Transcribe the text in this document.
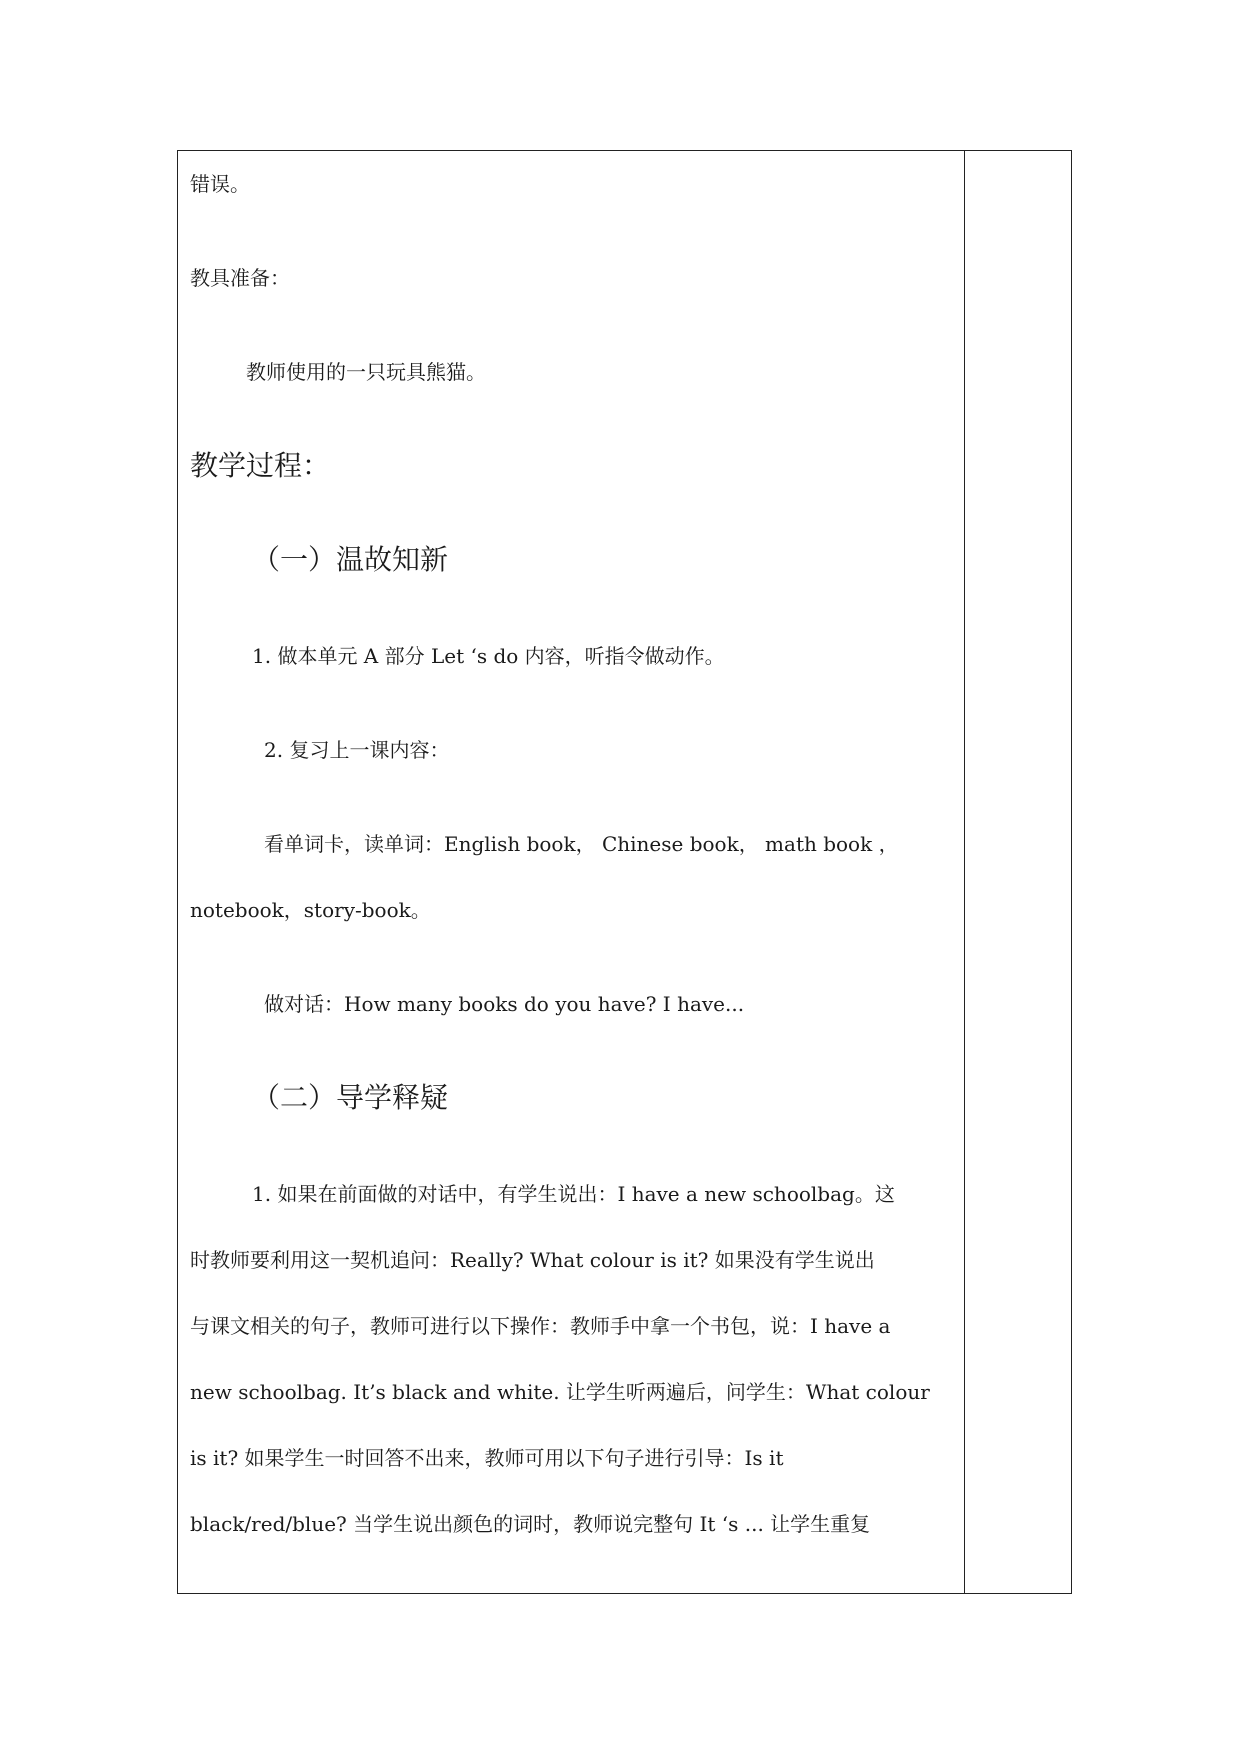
错误。
教具准备：
教师使用的一只玩具熊猫。
教学过程：
（一）温故知新
1. 做本单元 A 部分 Let ‘s do 内容，听指令做动作。
2. 复习上一课内容：
看单词卡，读单词：English book， Chinese book， math book ，
notebook，story-book。
做对话：How many books do you have? I have...
（二）导学释疑
1. 如果在前面做的对话中，有学生说出：I have a new schoolbag。这
时教师要利用这一契机追问：Really? What colour is it? 如果没有学生说出
与课文相关的句子，教师可进行以下操作：教师手中拿一个书包，说：I have a
new schoolbag. It’s black and white. 让学生听两遍后，问学生：What colour
is it? 如果学生一时回答不出来，教师可用以下句子进行引导：Is it
black/red/blue? 当学生说出颜色的词时，教师说完整句 It ‘s ... 让学生重复
